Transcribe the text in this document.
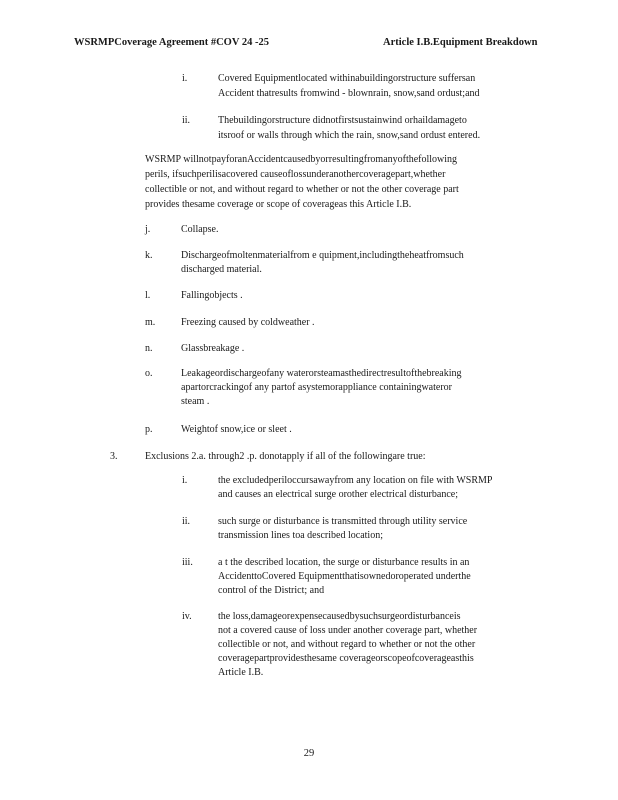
WSRMPCoverage Agreement #COV 24 -25	Article I.B.Equipment Breakdown
i.	Covered Equipmentlocated withinabuildingorstructure suffersan
Accident thatresults fromwind - blownrain, snow,sand ordust;and
ii.	Thebuildingorstructure didnotfirstsustainwind orhaildamageto
itsroof or walls through which the rain, snow,sand ordust entered.
WSRMP willnotpayforanAccidentcausedbyorresultingfromanyofthefollowing
perils, ifsuchperilisacovered causeoflossunderanothercoveragepart,whether
collectible or not, and without regard to whether or not the other coverage part
provides thesame coverage or scope of coverageas this Article I.B.
j.	Collapse.
k.	Dischargeofmoltenmaterialfrom e quipment,includingtheheatfromsuch
discharged material.
l.	Fallingobjects .
m.	Freezing caused by coldweather .
n.	Glassbreakage .
o.	Leakageordischargeofany waterorsteamasthedirectresultofthebreaking
apartorcrackingof any partof asystemorappliance containingwateror
steam .
p.	Weightof snow,ice or sleet .
3.	Exclusions 2.a. through2 .p. donotapply if all of the followingare true:
i.	the excludedperiloccursawayfrom any location on file with WSRMP
and causes an electrical surge orother electrical disturbance;
ii.	such surge or disturbance is transmitted through utility service
transmission lines toa described location;
iii.	a t the described location, the surge or disturbance results in an
AccidenttoCovered Equipmentthatisownedoroperated underthe
control of the District; and
iv.	the loss,damageorexpensecausedbysuchsurgeordisturbanceis
not a covered cause of loss under another coverage part, whether
collectible or not, and without regard to whether or not the other
coveragepartprovidesthesame coverageorscopeofcoverageasthis
Article I.B.
29
